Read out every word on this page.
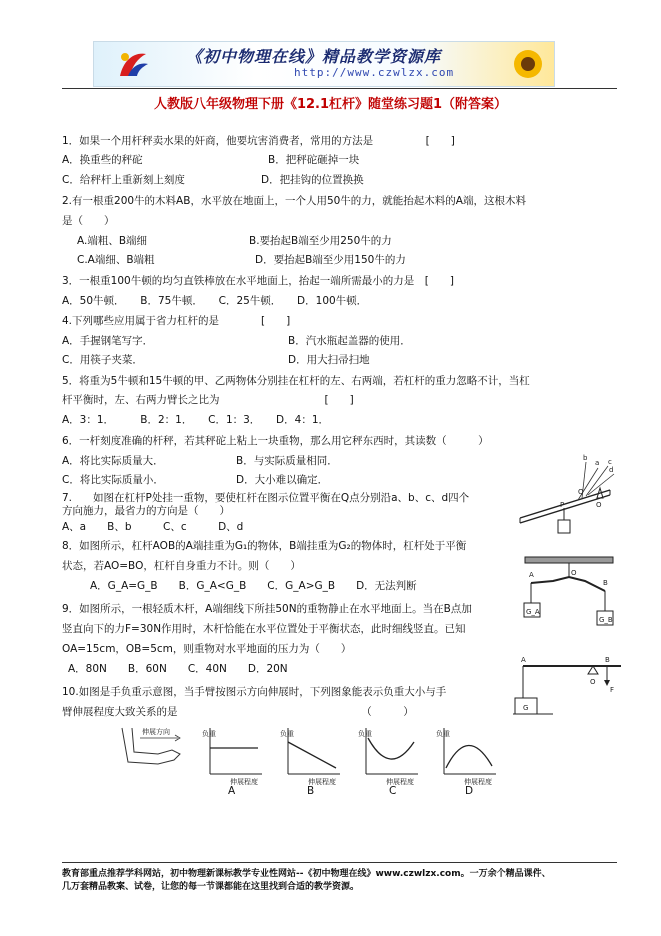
《初中物理在线》精品教学资源库
http://www.czwlzx.com
人教版八年级物理下册《12.1杠杆》随堂练习题1（附答案）
1．如果一个用杆秤卖水果的奸商，他要坑害消费者，常用的方法是　　　　　[　　]
A．换重些的秤砣	B．把秤砣砸掉一块
C．给秤杆上重新刻上刻度	D．把挂钩的位置换换
2.有一根重200牛的木料AB，水平放在地面上，一个人用50牛的力，就能抬起木料的A端，这根木料
是（　　）
A.端粗、B端细	B.要抬起B端至少用250牛的力
C.A端细、B端粗	D．要抬起B端至少用150牛的力
3．一根重100牛顿的均匀直铁棒放在水平地面上，抬起一端所需最小的力是　[　　]
A．50牛顿．　　B．75牛顿．　　C．25牛顿．　　D．100牛顿．
4.下列哪些应用属于省力杠杆的是　　　　[　　]
A．手握钢笔写字．	B．汽水瓶起盖器的使用．
C．用筷子夹菜．	D．用大扫帚扫地
5．将重为5牛顿和15牛顿的甲、乙两物体分别挂在杠杆的左、右两端，若杠杆的重力忽略不计，当杠
杆平衡时，左、右两力臂长之比为　　　　　　　　　　[　　]
A．3：1．　　　B．2：1．　　C．1：3．　　D．4：1．
6．一杆刻度准确的杆秤，若其秤砣上粘上一块重物，那么用它秤东西时，其读数（　　　）
A．将比实际质量大．	B．与实际质量相同．
C．将比实际质量小．	D．大小难以确定．
7.　　如图在杠杆P处挂一重物，要使杠杆在图示位置平衡在Q点分别沿a、b、c、d四个
方向施力，最省力的方向是（　　）
A、a　　B、b　　　C、c　　　D、d
P	O
Q
a
b	c
d
8．如图所示，杠杆AOB的A端挂重为G₁的物体，B端挂重为G₂的物体时，杠杆处于平衡
状态，若AO=BO，杠杆自身重力不计。则（　　）
A．G_A=G_B　　B．G_A<G_B　　C．G_A>G_B　　D．无法判断
A	O
B
G_A
G_B
9．如图所示，一根轻质木杆，A端细线下所挂50N的重物静止在水平地面上。当在B点加
竖直向下的力F=30N作用时，木杆恰能在水平位置处于平衡状态，此时细线竖直。已知
OA=15cm，OB=5cm，则重物对水平地面的压力为（　　）
A．80N　　B．60N　　C．40N　　D．20N
A
O
B
F
G
10.如图是手负重示意图，当手臂按图示方向伸展时，下列图象能表示负重大小与手
臂伸展程度大致关系的是　　　　　　　　　　　　　　　　　　（　　　）
伸展方向	负重
伸展程度
负重
伸展程度
负重
伸展程度
负重
伸展程度
A	B	C	D
教育部重点推荐学科网站，初中物理新课标教学专业性网站--《初中物理在线》www.czwlzx.com。一万余个精品课件、
几万套精品教案、试卷，让您的每一节课都能在这里找到合适的教学资源。
